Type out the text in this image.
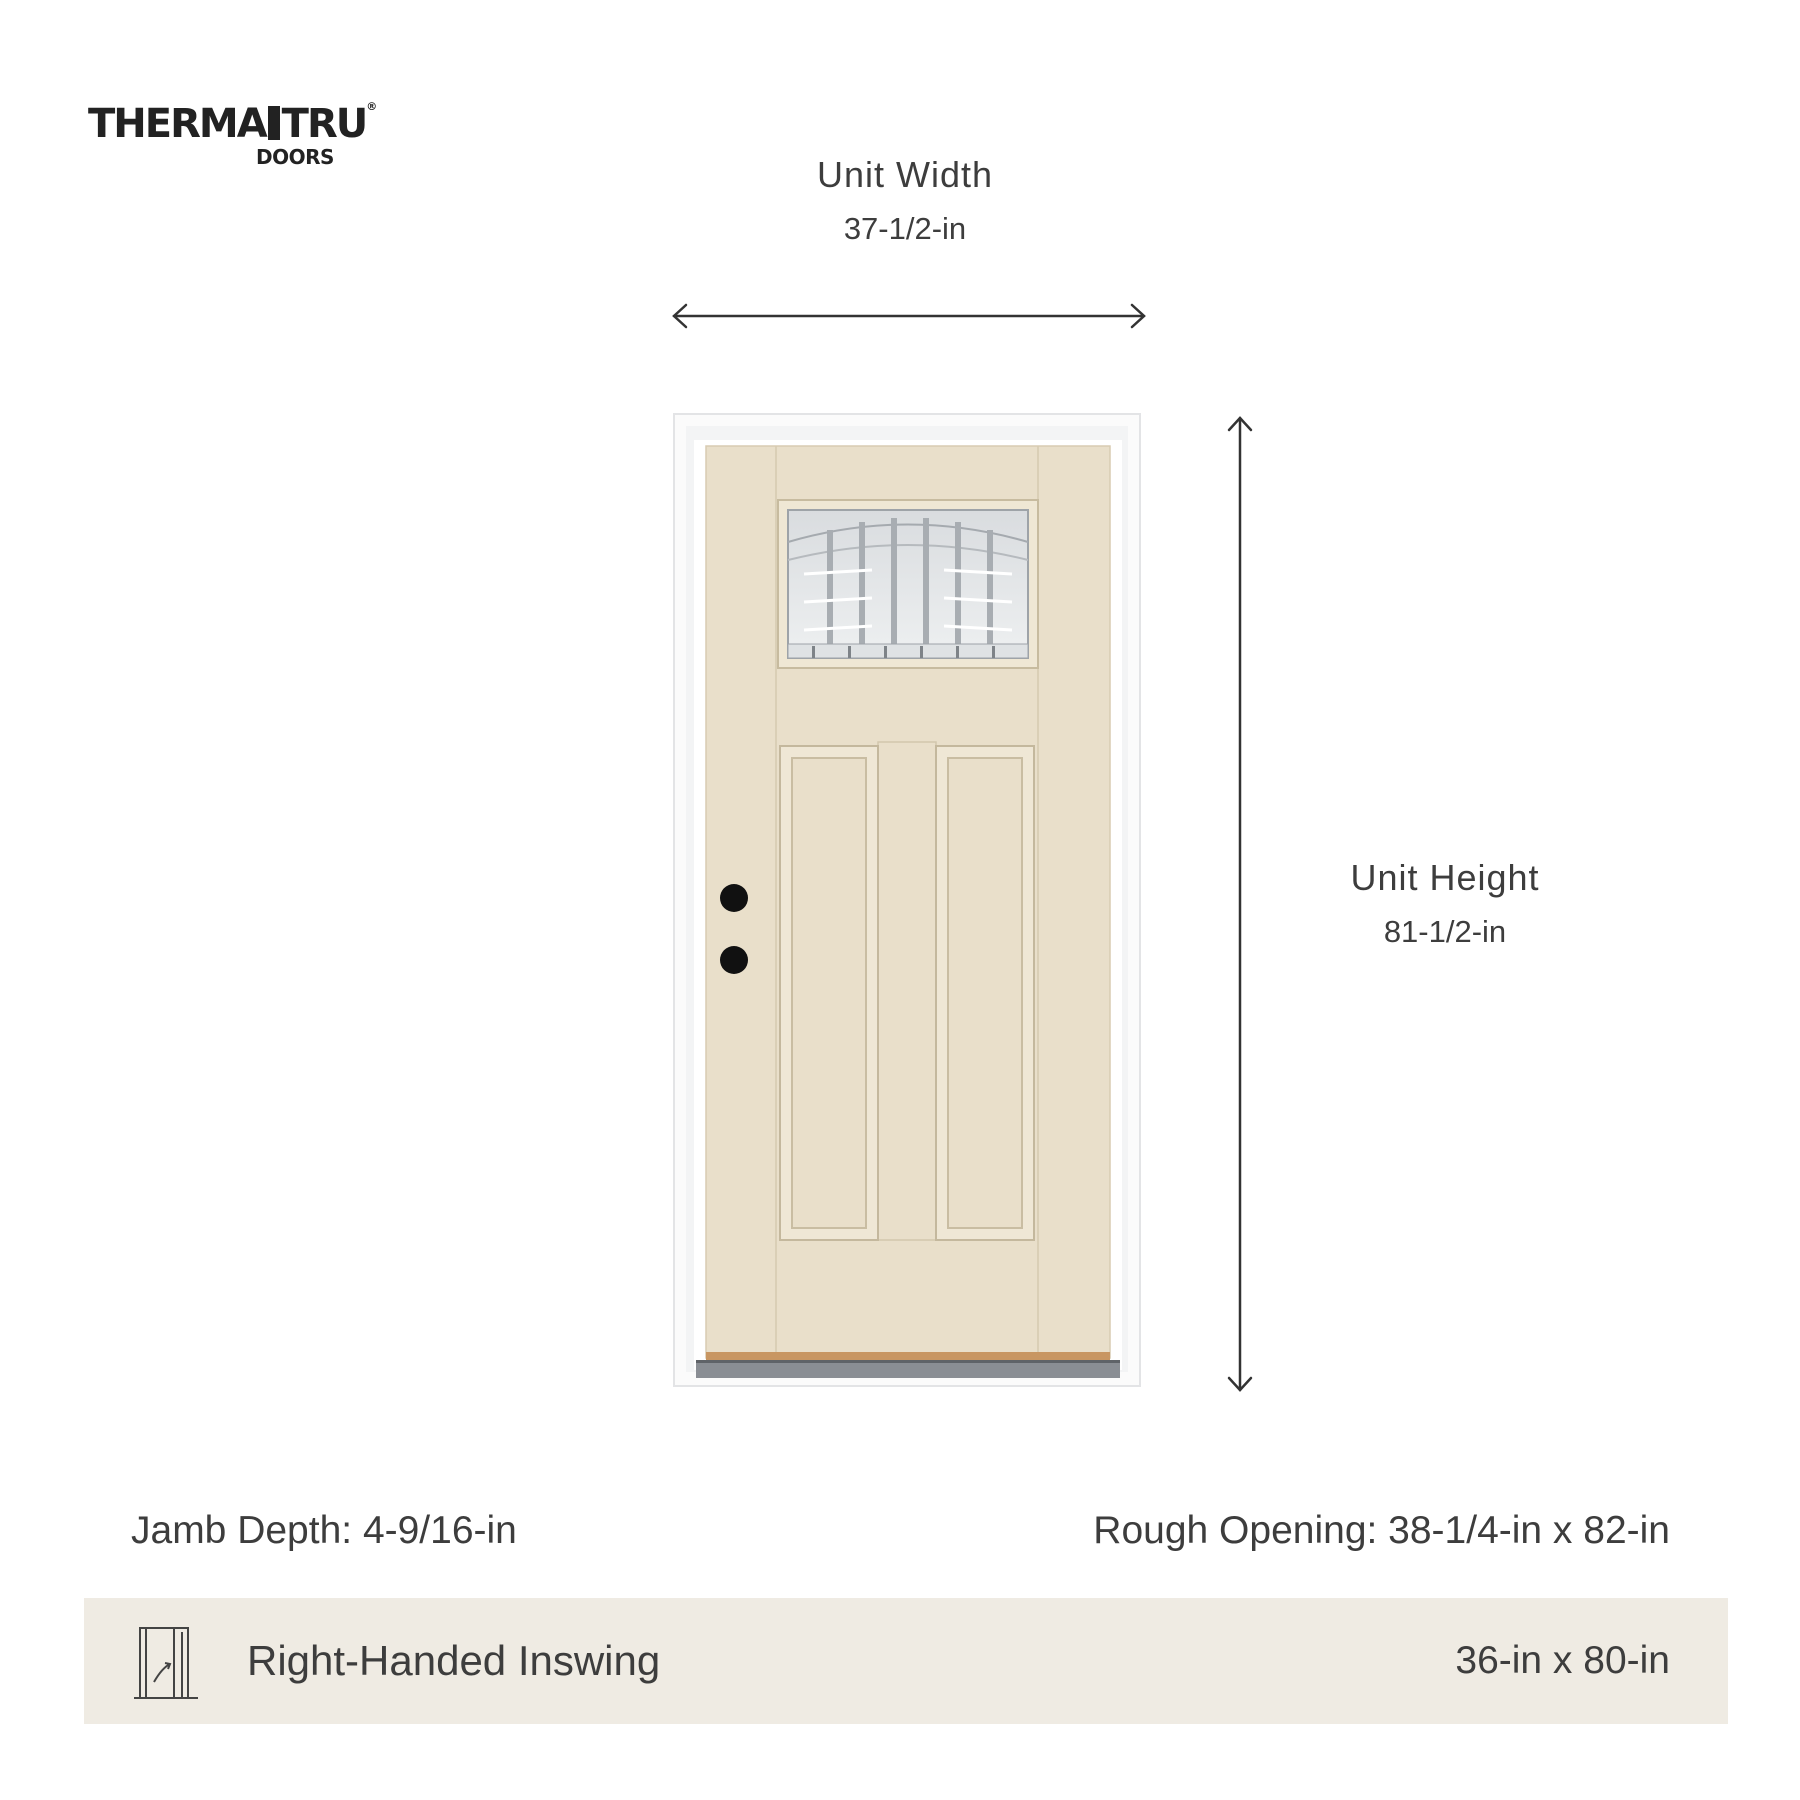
THERMA TRU®
DOORS	Unit Width
37-1/2-in
Unit Height
81-1/2-in
Jamb Depth: 4-9/16-in	Rough Opening: 38-1/4-in x 82-in
Right-Handed Inswing	36-in x 80-in
